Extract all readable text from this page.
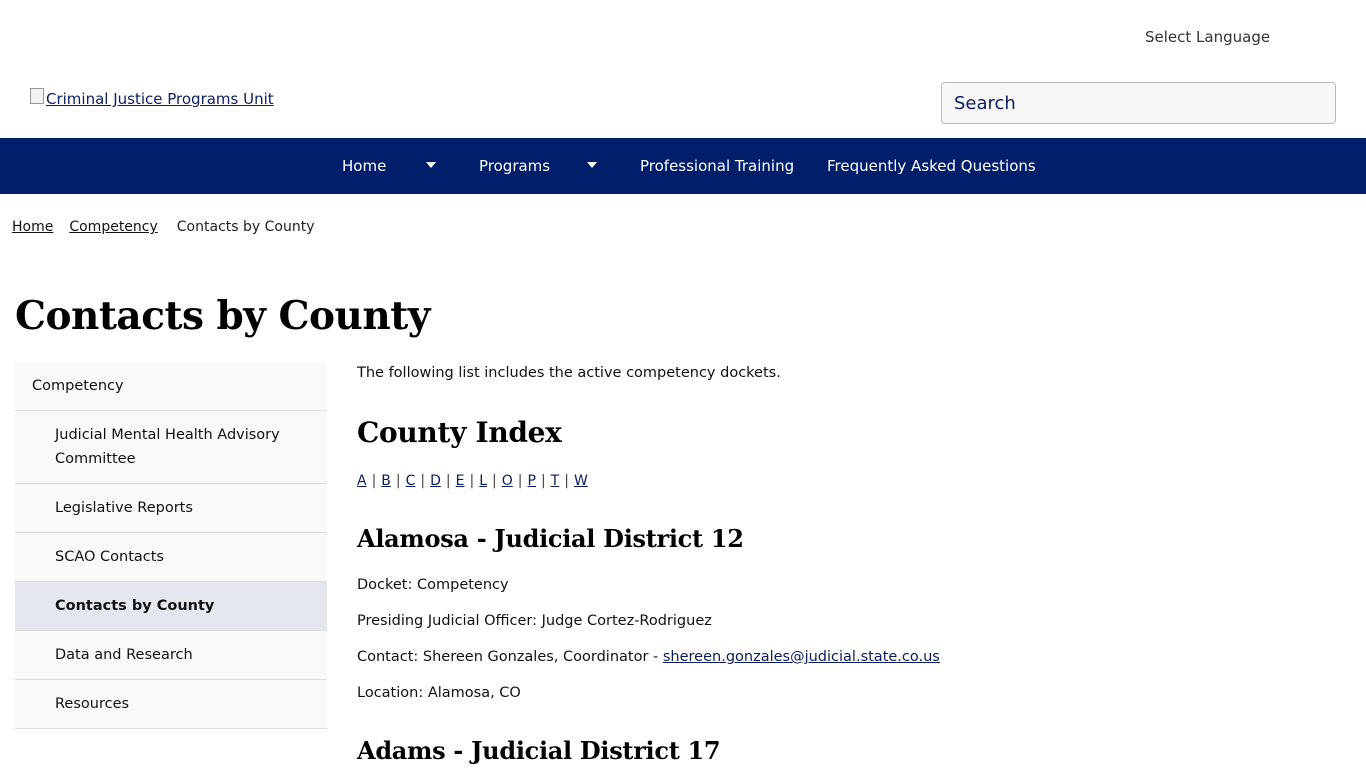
Select Language
Criminal Justice Programs Unit
Search
Home	Programs	Professional Training Frequently Asked Questions
Home Competency Contacts by County
Contacts by County
Competency
Judicial Mental Health Advisory Committee
Legislative Reports
SCAO Contacts
Contacts by County
Data and Research
Resources

The following list includes the active competency dockets.

County Index
A | B | C | D | E | L | O | P | T | W
Alamosa - Judicial District 12

Docket: Competency

Presiding Judicial Officer: Judge Cortez-Rodriguez

Contact: Shereen Gonzales, Coordinator - shereen.gonzales@judicial.state.co.us

Location: Alamosa, CO

Adams - Judicial District 17
